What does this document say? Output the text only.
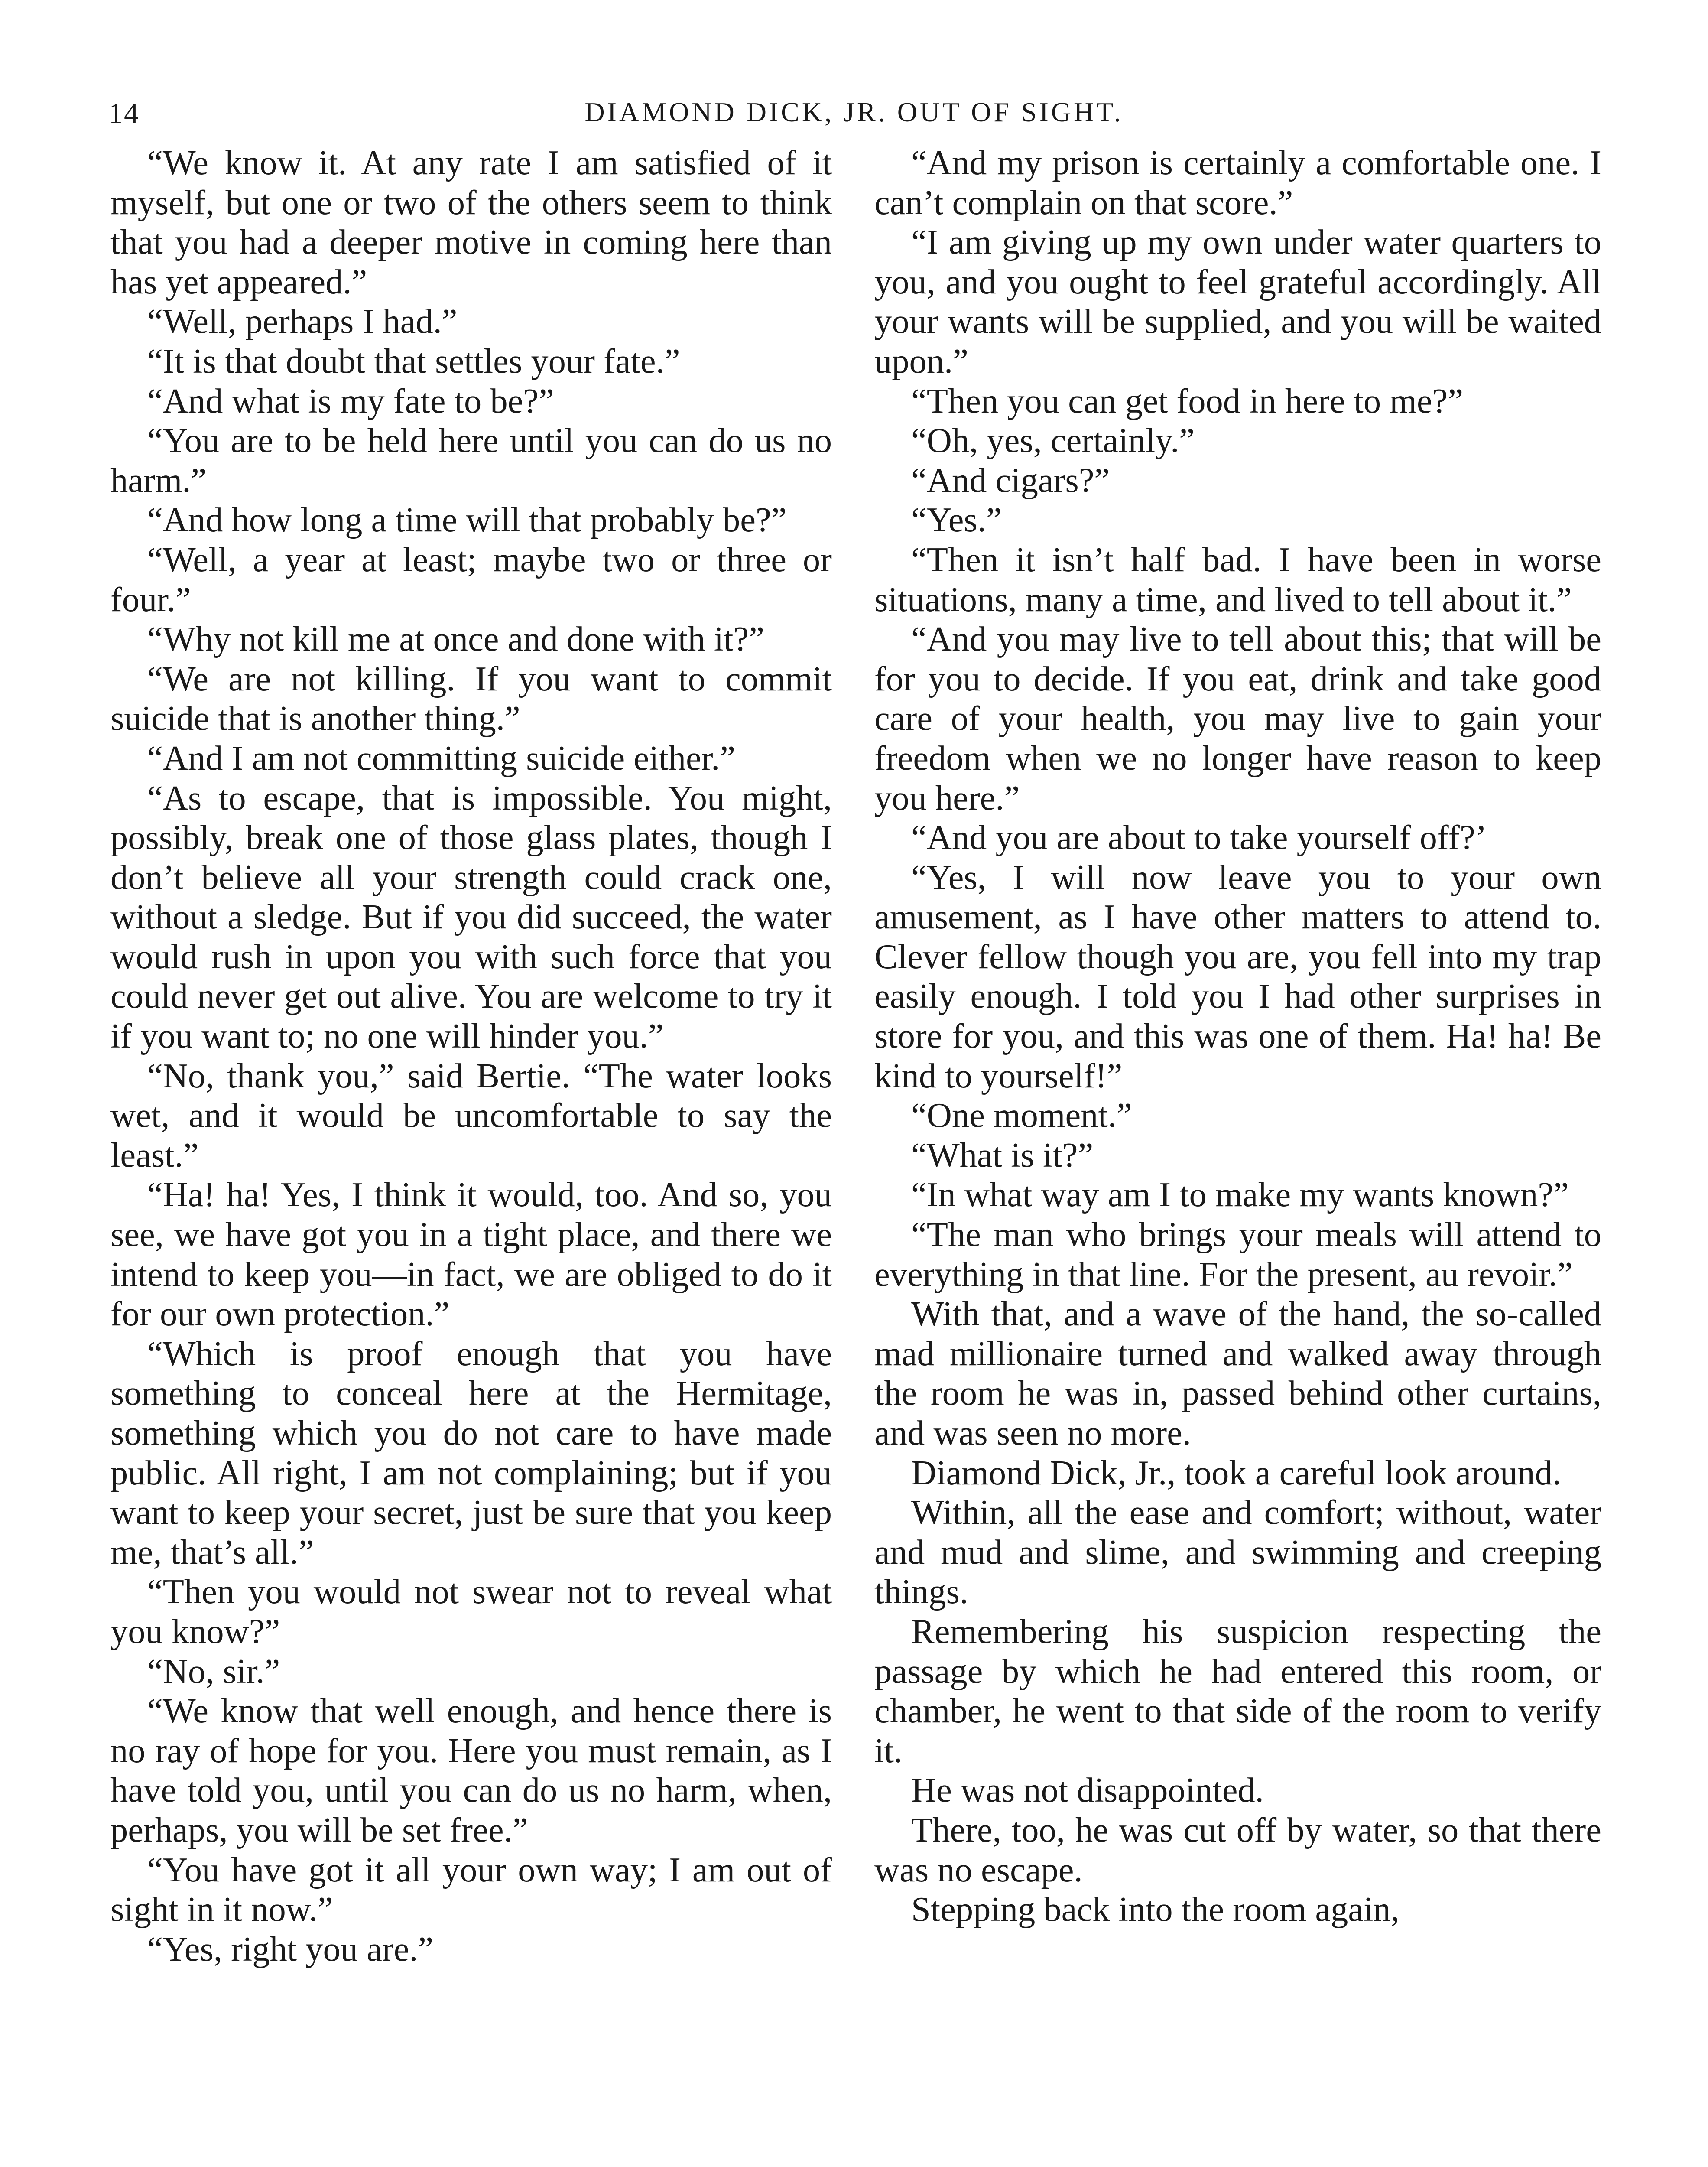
14	DIAMOND DICK, JR. OUT OF SIGHT.

“We know it. At any rate I am satisfied of it myself, but one or two of the others seem to think that you had a deeper motive in coming here than has yet appeared.”

“Well, perhaps I had.”

“It is that doubt that settles your fate.”

“And what is my fate to be?”

“You are to be held here until you can do us no harm.”

“And how long a time will that probably be?”

“Well, a year at least; maybe two or three or four.”

“Why not kill me at once and done with it?”

“We are not killing. If you want to commit suicide that is another thing.”

“And I am not committing suicide either.”

“As to escape, that is impossible. You might, possibly, break one of those glass plates, though I don’t believe all your strength could crack one, without a sledge. But if you did succeed, the water would rush in upon you with such force that you could never get out alive. You are welcome to try it if you want to; no one will hinder you.”

“No, thank you,” said Bertie. “The water looks wet, and it would be uncomfortable to say the least.”

“Ha! ha! Yes, I think it would, too. And so, you see, we have got you in a tight place, and there we intend to keep you—in fact, we are obliged to do it for our own protection.”

“Which is proof enough that you have something to conceal here at the Hermitage, something which you do not care to have made public. All right, I am not complaining; but if you want to keep your secret, just be sure that you keep me, that’s all.”

“Then you would not swear not to reveal what you know?”

“No, sir.”

“We know that well enough, and hence there is no ray of hope for you. Here you must remain, as I have told you, until you can do us no harm, when, perhaps, you will be set free.”

“You have got it all your own way; I am out of sight in it now.”

“Yes, right you are.”

“And my prison is certainly a comfortable one. I can’t complain on that score.”

“I am giving up my own under water quarters to you, and you ought to feel grateful accordingly. All your wants will be supplied, and you will be waited upon.”

“Then you can get food in here to me?”

“Oh, yes, certainly.”

“And cigars?”

“Yes.”

“Then it isn’t half bad. I have been in worse situations, many a time, and lived to tell about it.”

“And you may live to tell about this; that will be for you to decide. If you eat, drink and take good care of your health, you may live to gain your freedom when we no longer have reason to keep you here.”

“And you are about to take yourself off?’

“Yes, I will now leave you to your own amusement, as I have other matters to attend to. Clever fellow though you are, you fell into my trap easily enough. I told you I had other surprises in store for you, and this was one of them. Ha! ha! Be kind to yourself!”

“One moment.”

“What is it?”

“In what way am I to make my wants known?”

“The man who brings your meals will attend to everything in that line. For the present, au revoir.”

With that, and a wave of the hand, the so-called mad millionaire turned and walked away through the room he was in, passed behind other curtains, and was seen no more.

Diamond Dick, Jr., took a careful look around.

Within, all the ease and comfort; without, water and mud and slime, and swimming and creeping things.

Remembering his suspicion respecting the passage by which he had entered this room, or chamber, he went to that side of the room to verify it.

He was not disappointed.

There, too, he was cut off by water, so that there was no escape.

Stepping back into the room again,
